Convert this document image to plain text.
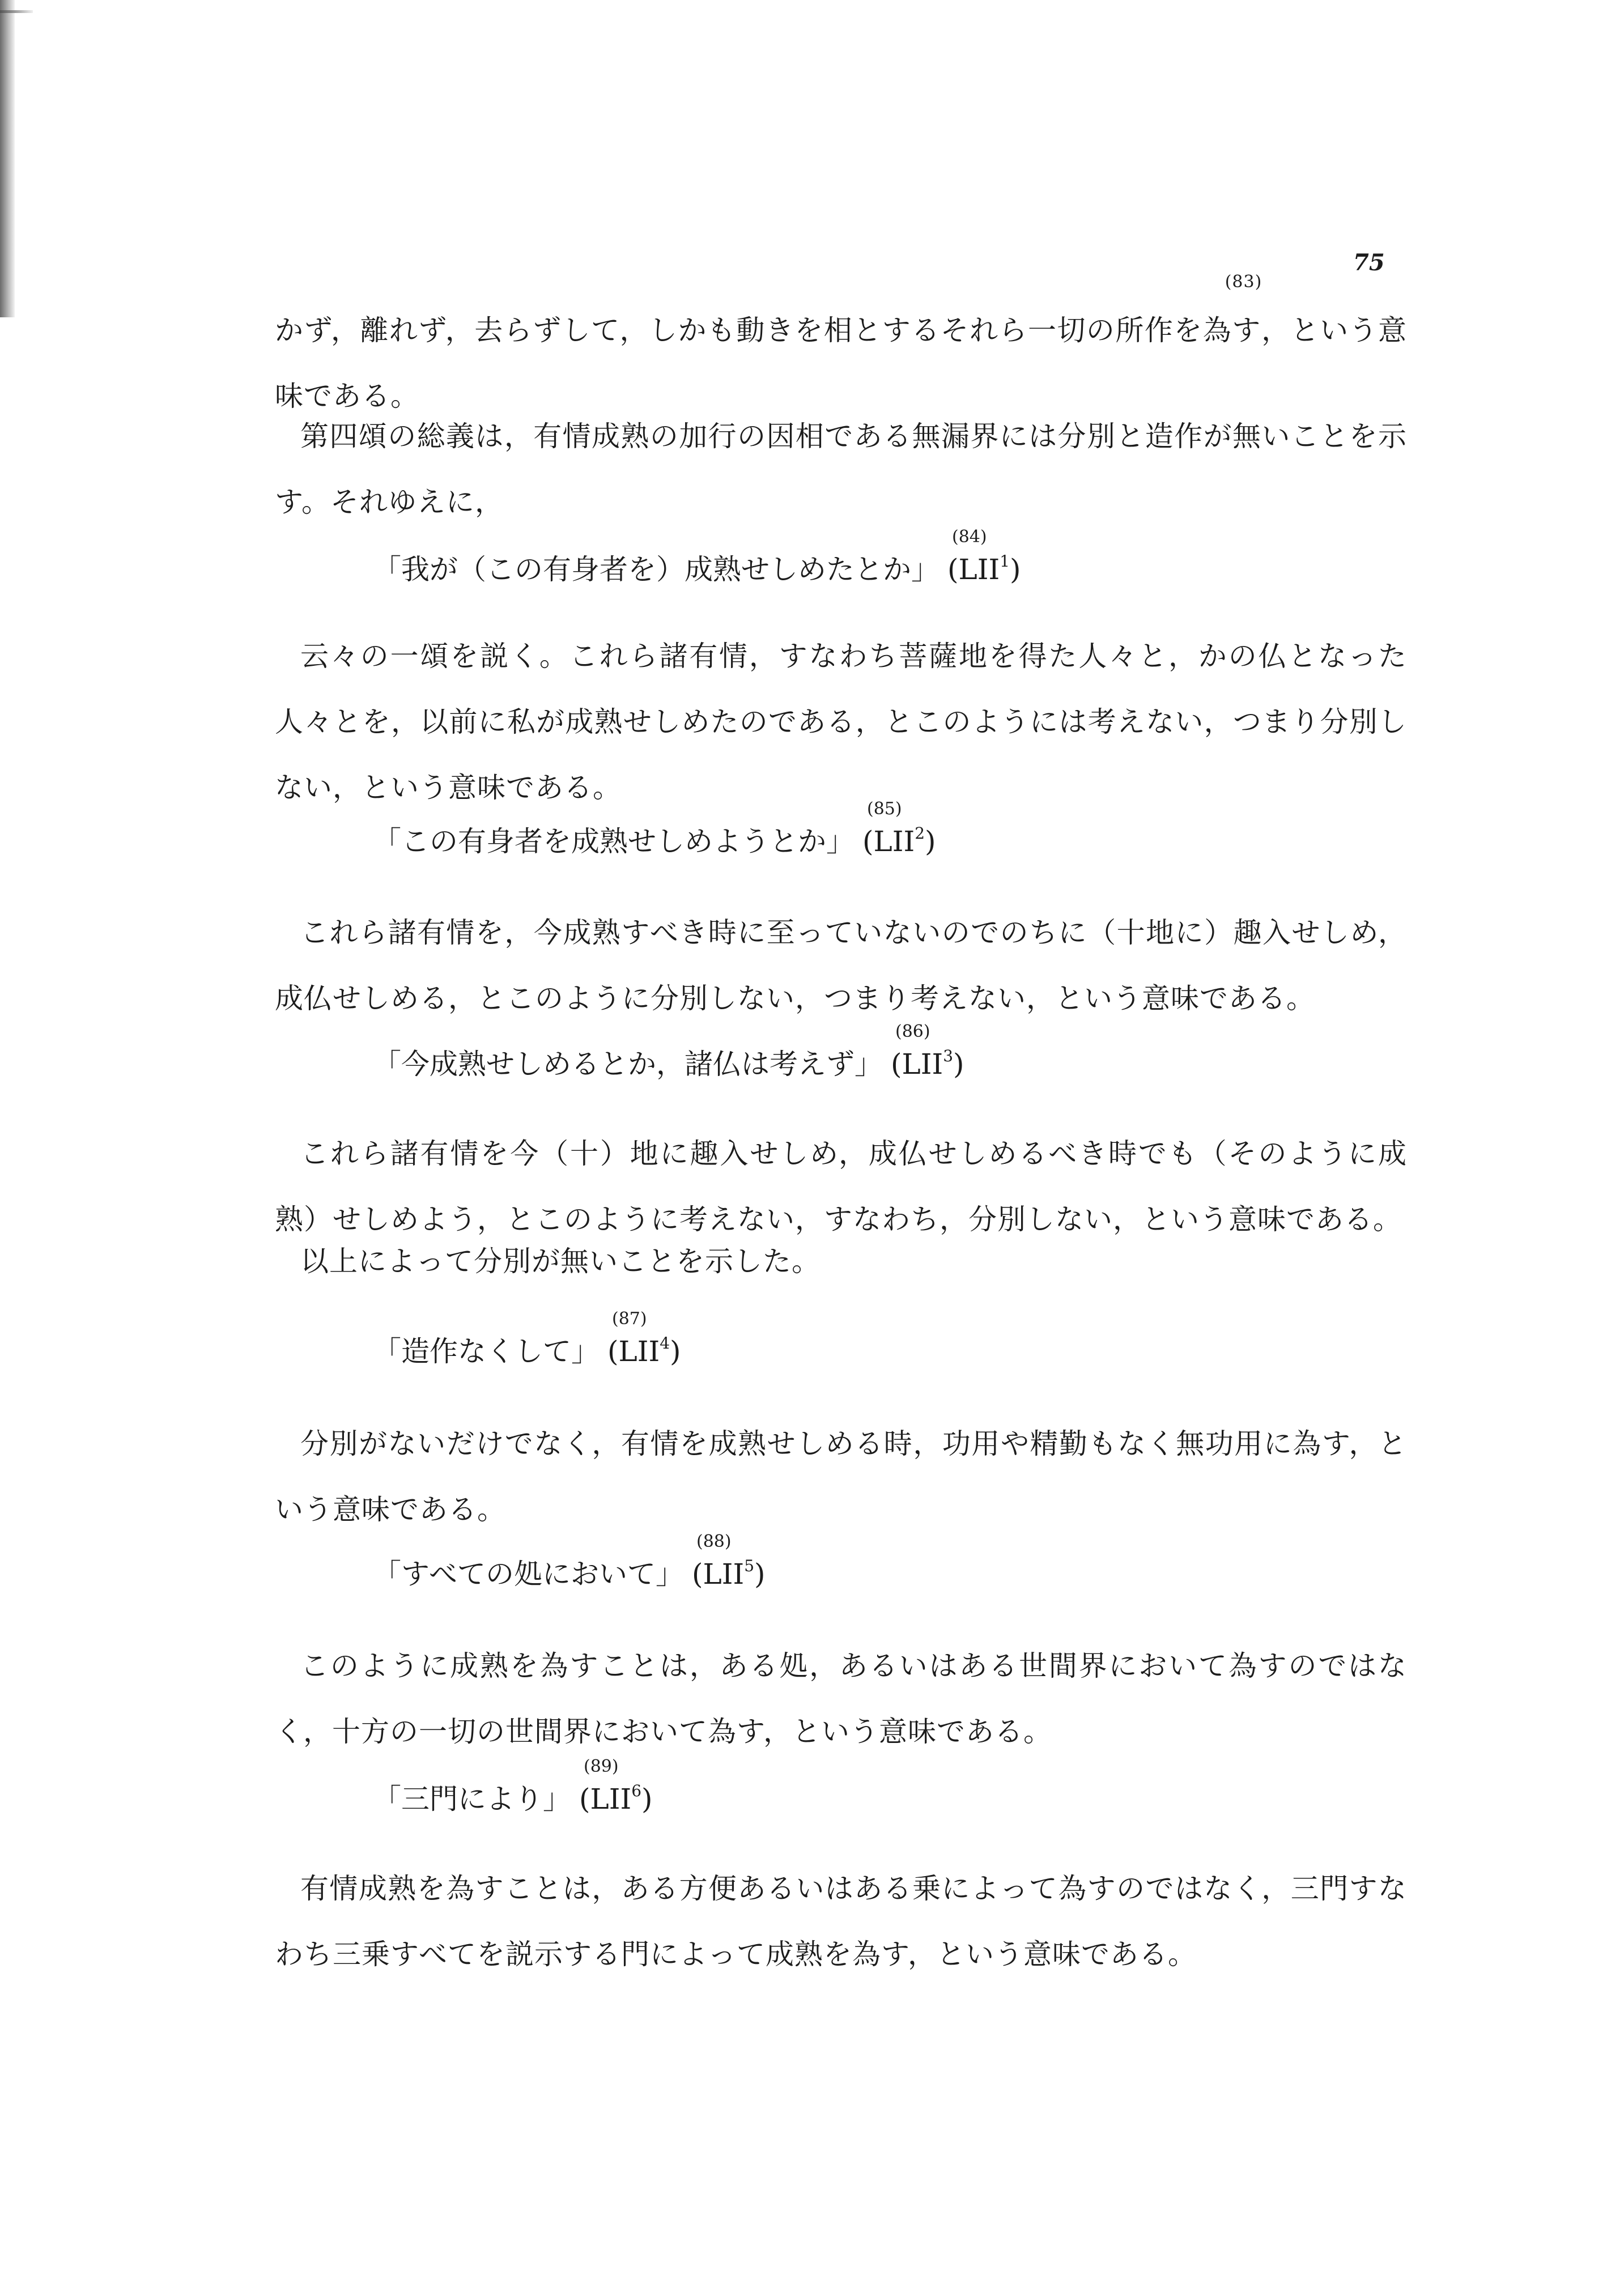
75

かず，離れず，去らずして，しかも動きを相とするそれら一切の所作を為す
(83)
，という意味である。

第四頌の総義は，有情成熟の加行の因相である無漏界には分別と造作が無いことを示す。それゆえに，

「我が（この有身者を）成熟せしめたとか」
(84)
(LII$^1$)

云々の一頌を説く。これら諸有情，すなわち菩薩地を得た人々と，かの仏となった人々とを，以前に私が成熟せしめたのである，とこのようには考えない，つまり分別しない，という意味である。

「この有身者を成熟せしめようとか」
(85)
(LII$^2$)

これら諸有情を，今成熟すべき時に至っていないのでのちに（十地に）趣入せしめ，成仏せしめる，とこのように分別しない，つまり考えない，という意味である。

「今成熟せしめるとか，諸仏は考えず」
(86)
(LII$^3$)

これら諸有情を今（十）地に趣入せしめ，成仏せしめるべき時でも（そのように成熟）せしめよう，とこのように考えない，すなわち，分別しない，という意味である。

以上によって分別が無いことを示した。

「造作なくして」
(87)
(LII$^4$)

分別がないだけでなく，有情を成熟せしめる時，功用や精勤もなく無功用に為す，という意味である。

「すべての処において」
(88)
(LII$^5$)

このように成熟を為すことは，ある処，あるいはある世間界において為すのではなく，十方の一切の世間界において為す，という意味である。

「三門により」
(89)
(LII$^6$)

有情成熟を為すことは，ある方便あるいはある乗によって為すのではなく，三門すなわち三乗すべてを説示する門によって成熟を為す，という意味である。
